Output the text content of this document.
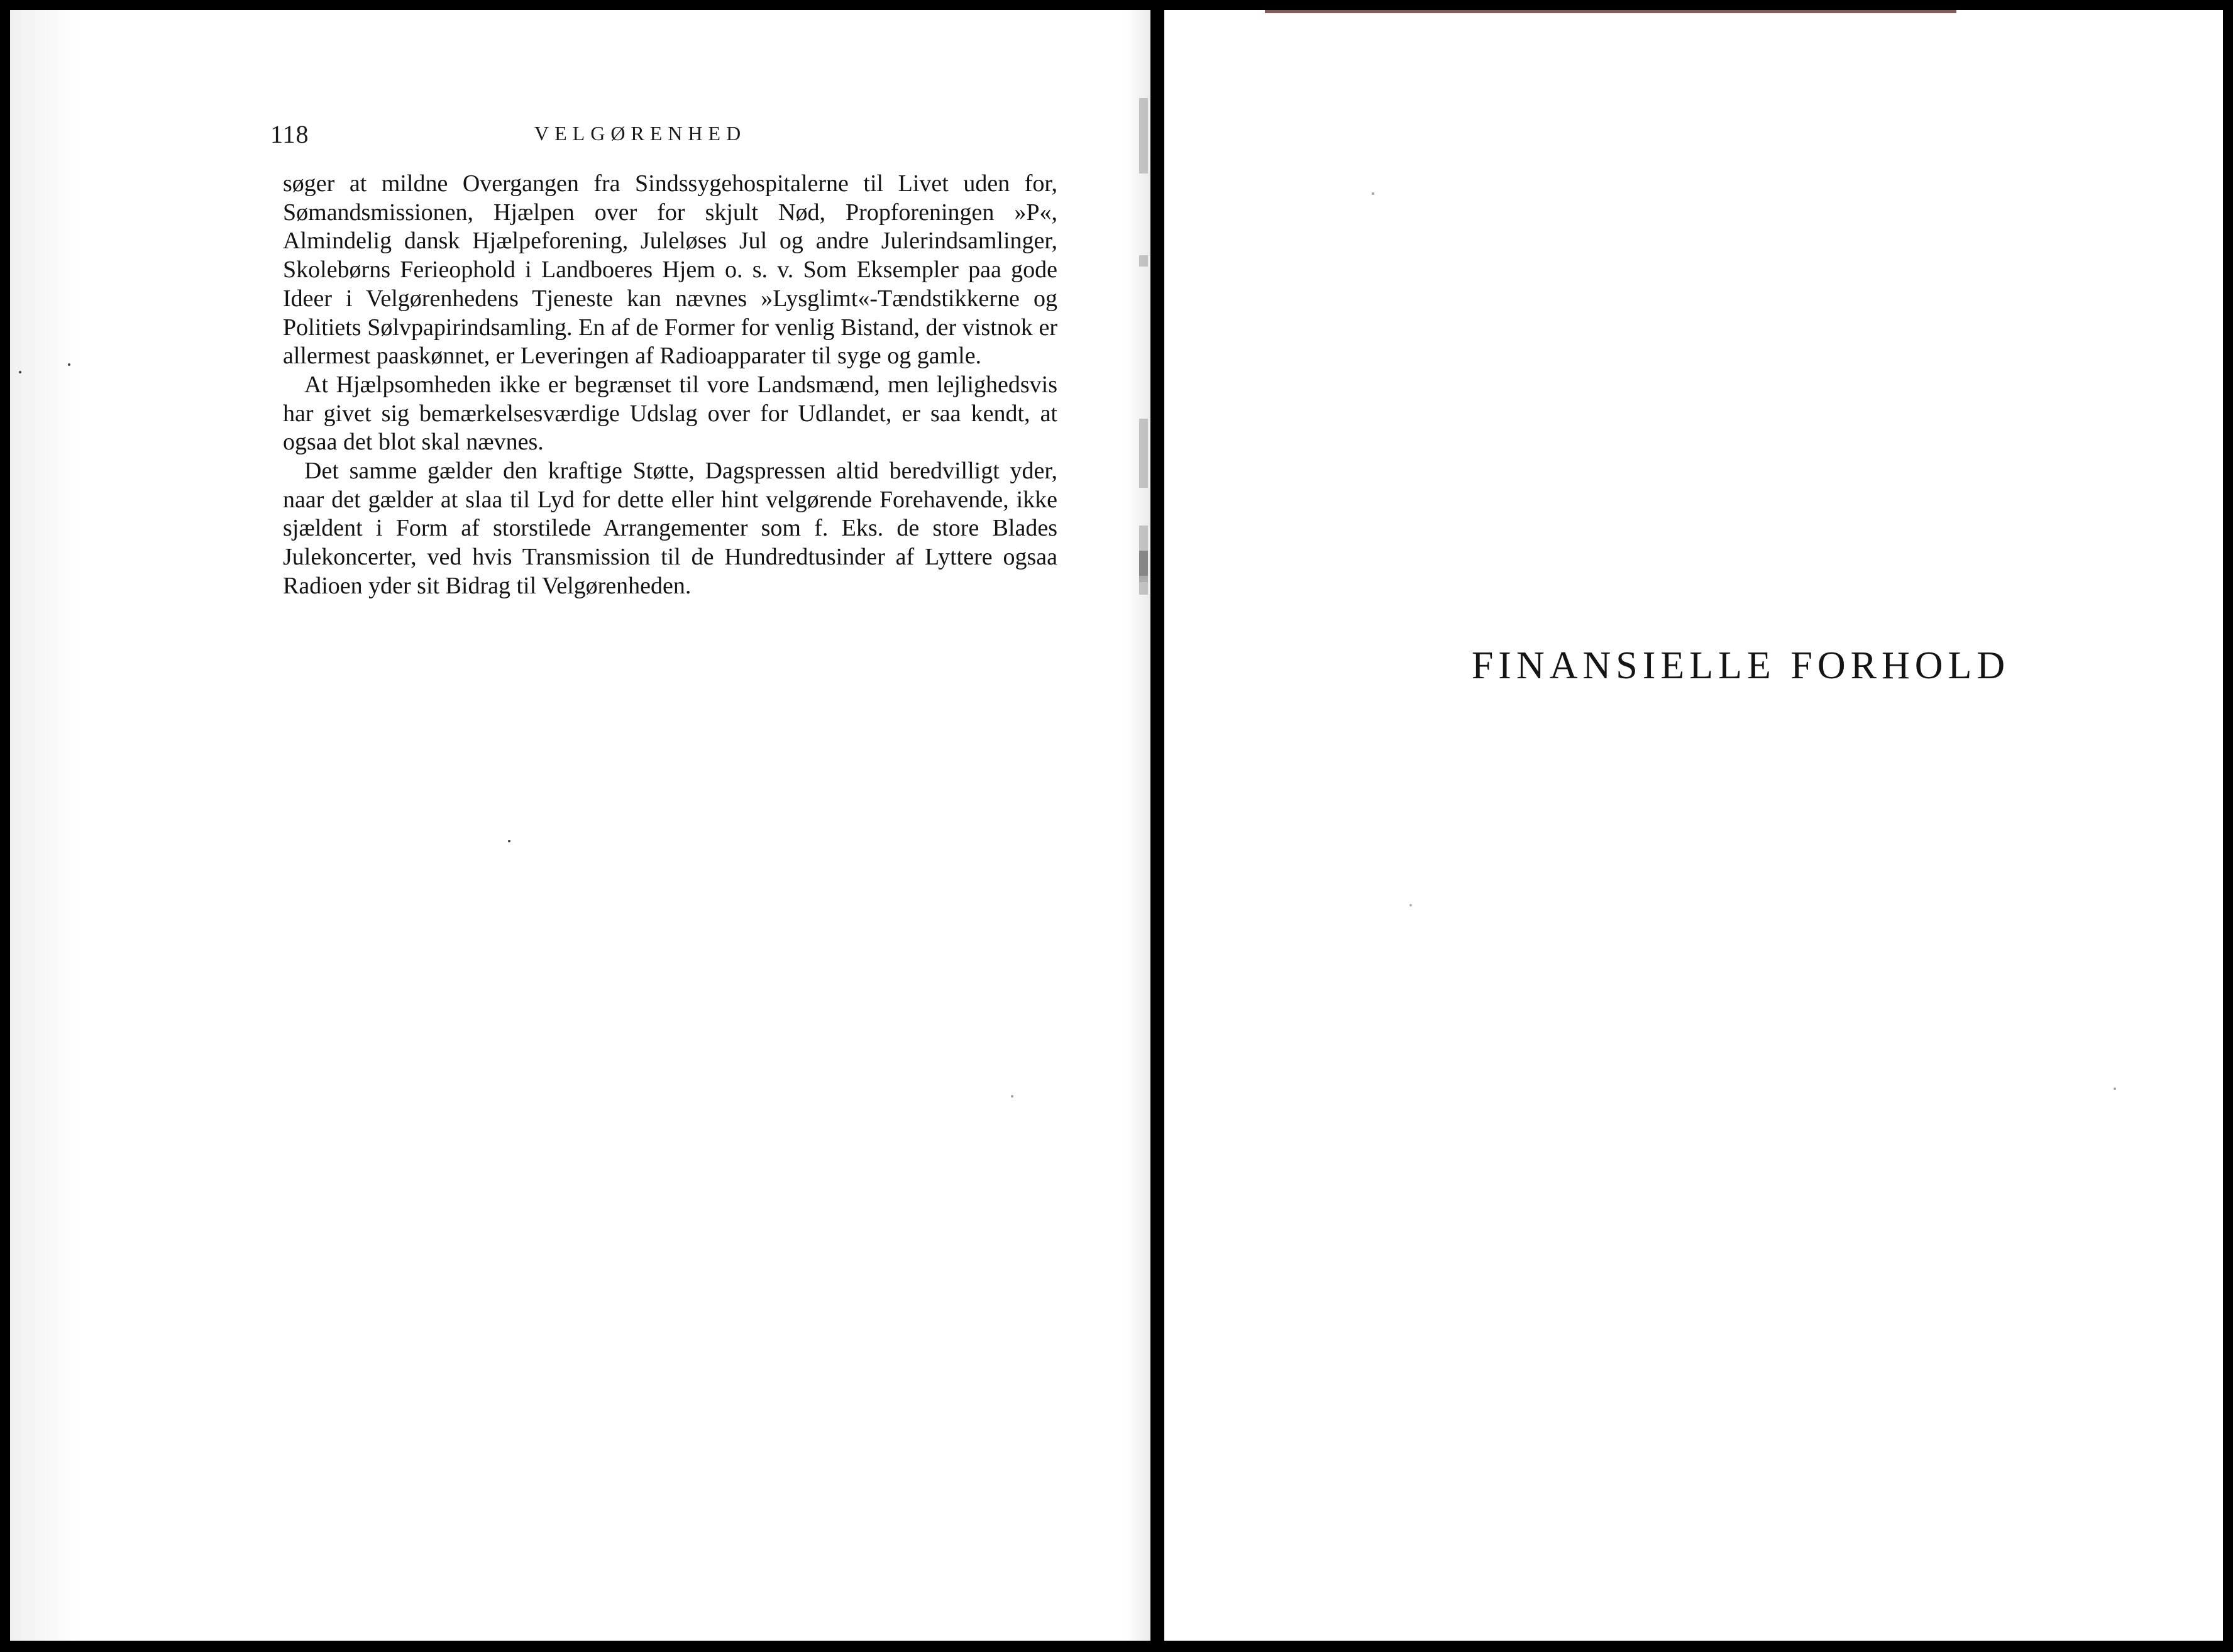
118	VELGØRENHED

søger at mildne Overgangen fra Sindssygehospitalerne til Livet uden for, Sømandsmissionen, Hjælpen over for skjult Nød, Propforeningen »P«, Almindelig dansk Hjælpeforening, Juleløses Jul og andre Julerindsamlinger, Skolebørns Ferieophold i Landboeres Hjem o. s. v. Som Eksempler paa gode Ideer i Velgørenhedens Tjeneste kan nævnes »Lysglimt«-Tændstikkerne og Politiets Sølvpapirindsamling. En af de Former for venlig Bistand, der vistnok er allermest paaskønnet, er Leveringen af Radioapparater til syge og gamle.

At Hjælpsomheden ikke er begrænset til vore Landsmænd, men lejlighedsvis har givet sig bemærkelsesværdige Udslag over for Udlandet, er saa kendt, at ogsaa det blot skal nævnes.

Det samme gælder den kraftige Støtte, Dagspressen altid beredvilligt yder, naar det gælder at slaa til Lyd for dette eller hint velgørende Forehavende, ikke sjældent i Form af storstilede Arrangementer som f. Eks. de store Blades Julekoncerter, ved hvis Transmission til de Hundredtusinder af Lyttere ogsaa Radioen yder sit Bidrag til Velgørenheden.

FINANSIELLE FORHOLD
